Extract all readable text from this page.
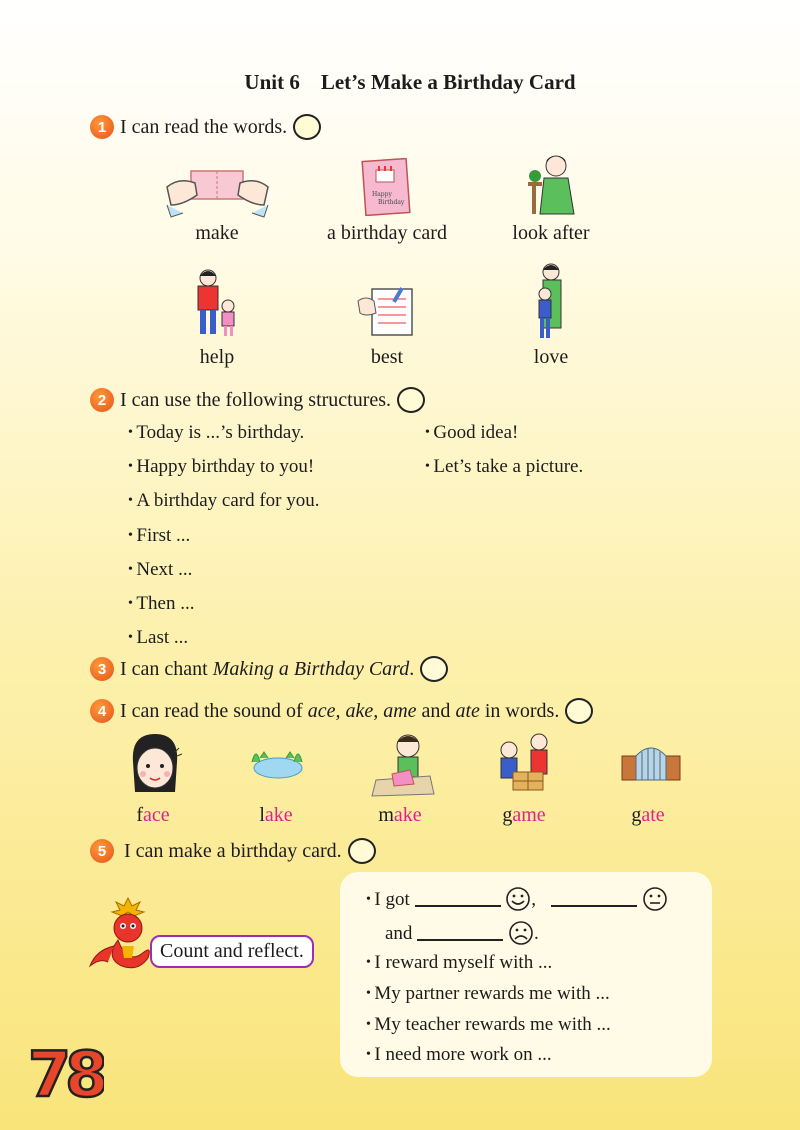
Unit 6 Let’s Make a Birthday Card
1 I can read the words.
Happy
Birthday
make	a birthday card	look after
help	best	love
2 I can use the following structures.
• Today is ...’s birthday.
• Happy birthday to you!
• A birthday card for you.
• First ...
• Next ...
• Then ...
• Last ...
• Good idea!
• Let’s take a picture.
3 I can chant Making a Birthday Card .
4 I can read the sound of ace, ake, ame and ate in words.
face	lake	make	game	gate
5 I can make a birthday card.
Count and reflect.
• I got	,
and	.
• I reward myself with ...
• My partner rewards me with ...
• My teacher rewards me with ...
• I need more work on ...
78
